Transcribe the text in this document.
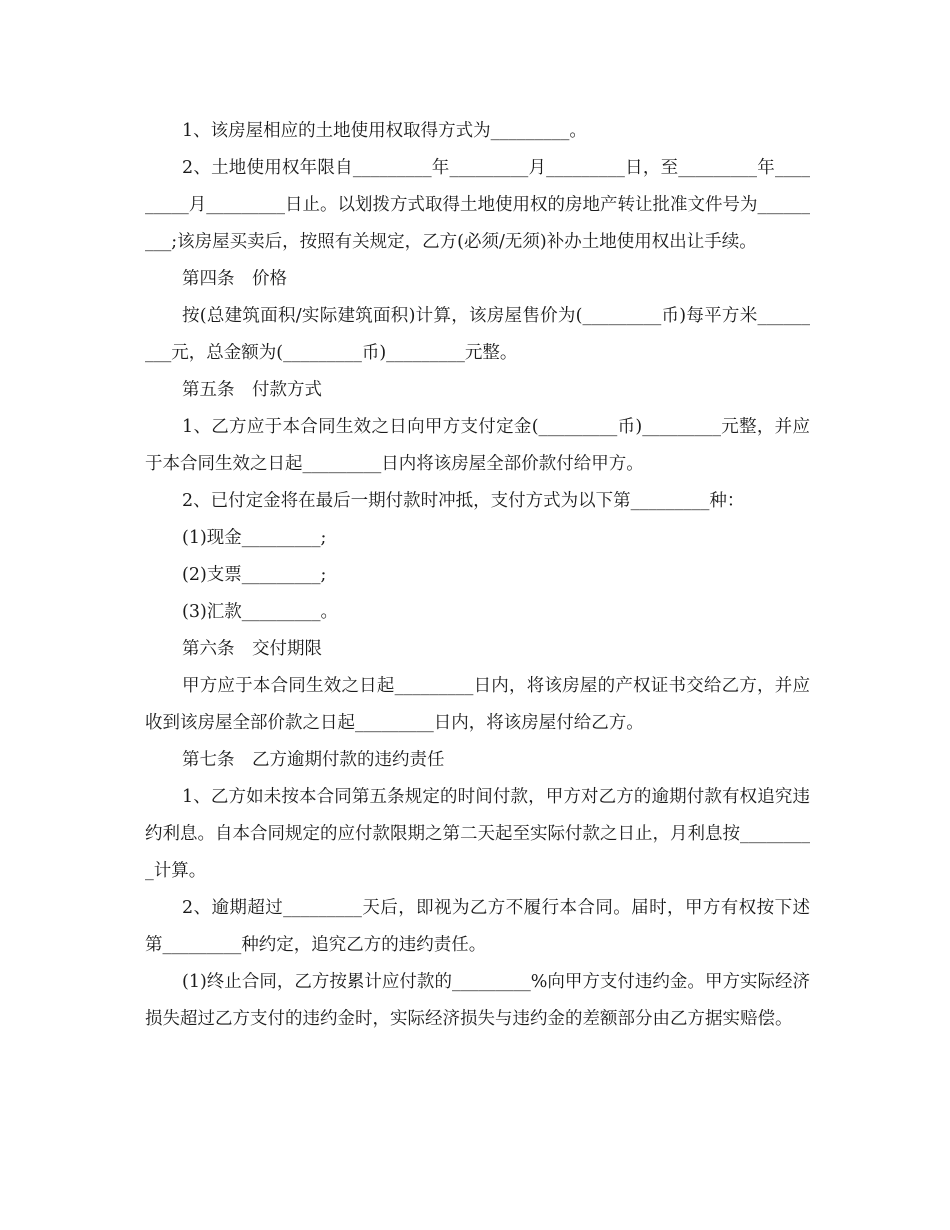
1、该房屋相应的土地使用权取得方式为_________。

2、土地使用权年限自_________年_________月_________日，至_________年_________月_________日止。以划拨方式取得土地使用权的房地产转让批准文件号为_________;该房屋买卖后，按照有关规定，乙方(必须/无须)补办土地使用权出让手续。

第四条　价格

按(总建筑面积/实际建筑面积)计算，该房屋售价为(_________币)每平方米_________元，总金额为(_________币)_________元整。

第五条　付款方式

1、乙方应于本合同生效之日向甲方支付定金(_________币)_________元整，并应于本合同生效之日起_________日内将该房屋全部价款付给甲方。

2、已付定金将在最后一期付款时冲抵，支付方式为以下第_________种：

(1)现金_________;

(2)支票_________;

(3)汇款_________。

第六条　交付期限

甲方应于本合同生效之日起_________日内，将该房屋的产权证书交给乙方，并应收到该房屋全部价款之日起_________日内，将该房屋付给乙方。

第七条　乙方逾期付款的违约责任

1、乙方如未按本合同第五条规定的时间付款，甲方对乙方的逾期付款有权追究违约利息。自本合同规定的应付款限期之第二天起至实际付款之日止，月利息按_________计算。

2、逾期超过_________天后，即视为乙方不履行本合同。届时，甲方有权按下述第_________种约定，追究乙方的违约责任。

(1)终止合同，乙方按累计应付款的_________%向甲方支付违约金。甲方实际经济损失超过乙方支付的违约金时，实际经济损失与违约金的差额部分由乙方据实赔偿。
